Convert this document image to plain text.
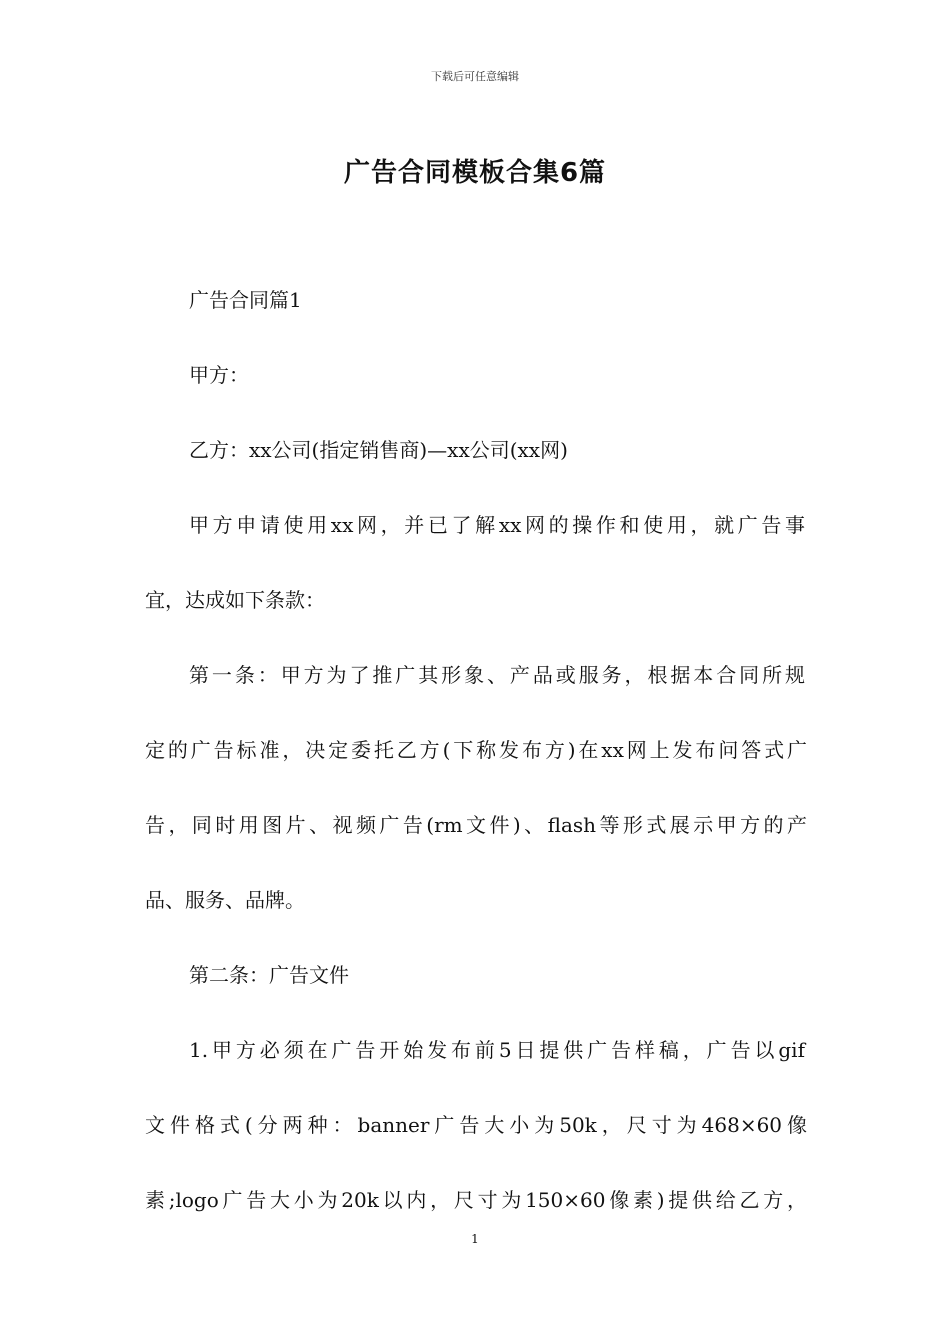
下载后可任意编辑
广告合同模板合集6篇
广告合同篇1
甲方：
乙方：xx公司(指定销售商)—xx公司(xx网)
甲方申请使用xx网，并已了解xx网的操作和使用，就广告事
宜，达成如下条款：
第一条：甲方为了推广其形象、产品或服务，根据本合同所规
定的广告标准，决定委托乙方(下称发布方)在xx网上发布问答式广
告，同时用图片、视频广告(rm文件)、flash等形式展示甲方的产
品、服务、品牌。
第二条：广告文件
1.甲方必须在广告开始发布前5日提供广告样稿，广告以gif
文件格式(分两种：banner广告大小为50k，尺寸为468×60像
素;logo广告大小为20k以内，尺寸为150×60像素)提供给乙方，
1
